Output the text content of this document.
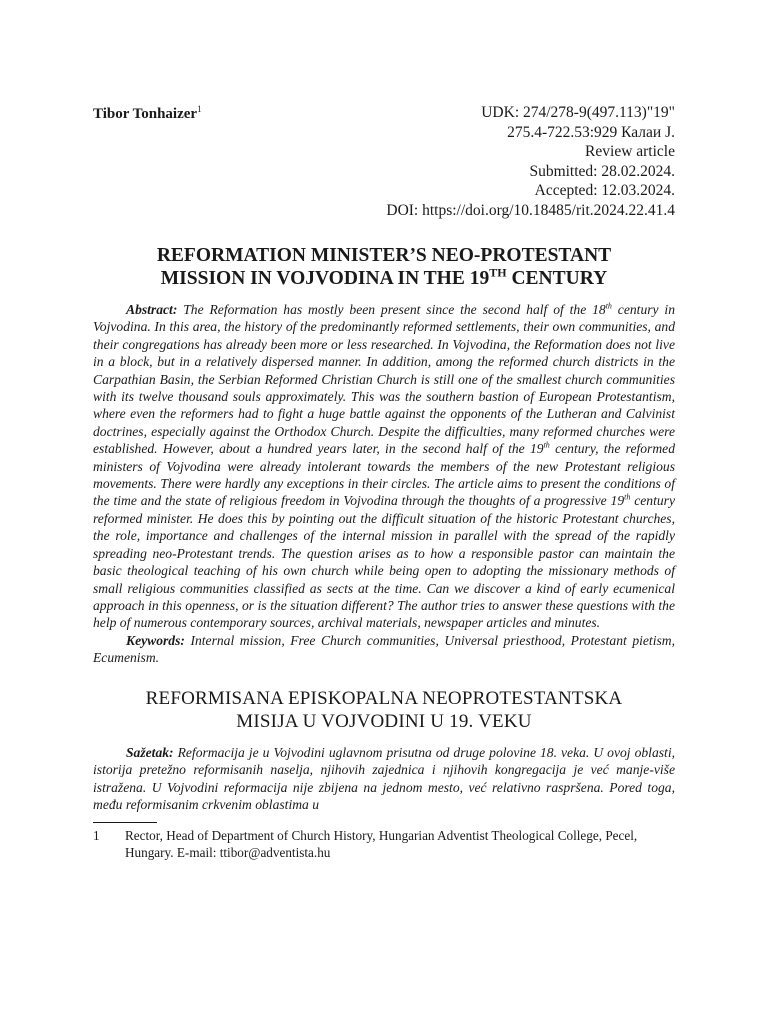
Tibor Tonhaizer$^1$	UDK: 274/278-9(497.113)"19"
275.4-722.53:929 Калаи Ј.
Review article
Submitted: 28.02.2024.
Accepted: 12.03.2024.
DOI: https://doi.org/10.18485/rit.2024.22.41.4
REFORMATION MINISTER’S NEO-PROTESTANT
MISSION IN VOJVODINA IN THE 19TH CENTURY

Abstract: The Reformation has mostly been present since the second half of the 18th century in Vojvodina. In this area, the history of the predominantly reformed settlements, their own communities, and their congregations has already been more or less researched. In Vojvodina, the Reformation does not live in a block, but in a relatively dispersed manner. In addition, among the reformed church districts in the Carpathian Basin, the Serbian Reformed Christian Church is still one of the smallest church communities with its twelve thousand souls approximately. This was the southern bastion of European Protestantism, where even the reformers had to fight a huge battle against the opponents of the Lutheran and Calvinist doctrines, especially against the Orthodox Church. Despite the difficulties, many reformed churches were established. However, about a hundred years later, in the second half of the 19th century, the reformed ministers of Vojvodina were already intolerant towards the members of the new Protestant religious movements. There were hardly any exceptions in their circles. The article aims to present the conditions of the time and the state of religious freedom in Vojvodina through the thoughts of a progressive 19th century reformed minister. He does this by pointing out the difficult situation of the historic Protestant churches, the role, importance and challenges of the internal mission in parallel with the spread of the rapidly spreading neo-Protestant trends. The question arises as to how a responsible pastor can maintain the basic theological teaching of his own church while being open to adopting the missionary methods of small religious communities classified as sects at the time. Can we discover a kind of early ecumenical approach in this openness, or is the situation different? The author tries to answer these questions with the help of numerous contemporary sources, archival materials, newspaper articles and minutes.

Keywords: Internal mission, Free Church communities, Universal priesthood, Protestant pietism, Ecumenism.

REFORMISANA EPISKOPALNA NEOPROTESTANTSKA
MISIJA U VOJVODINI U 19. VEKU

Sažetak: Reformacija je u Vojvodini uglavnom prisutna od druge polovine 18. veka. U ovoj oblasti, istorija pretežno reformisanih naselja, njihovih zajednica i njihovih kongregacija je već manje-više istražena. U Vojvodini reformacija nije zbijena na jednom mesto, već relativno raspršena. Pored toga, među reformisanim crkvenim oblastima u

1	Rector, Head of Department of Church History, Hungarian Adventist Theological College, Pecel, Hungary. E-mail: ttibor@adventista.hu
